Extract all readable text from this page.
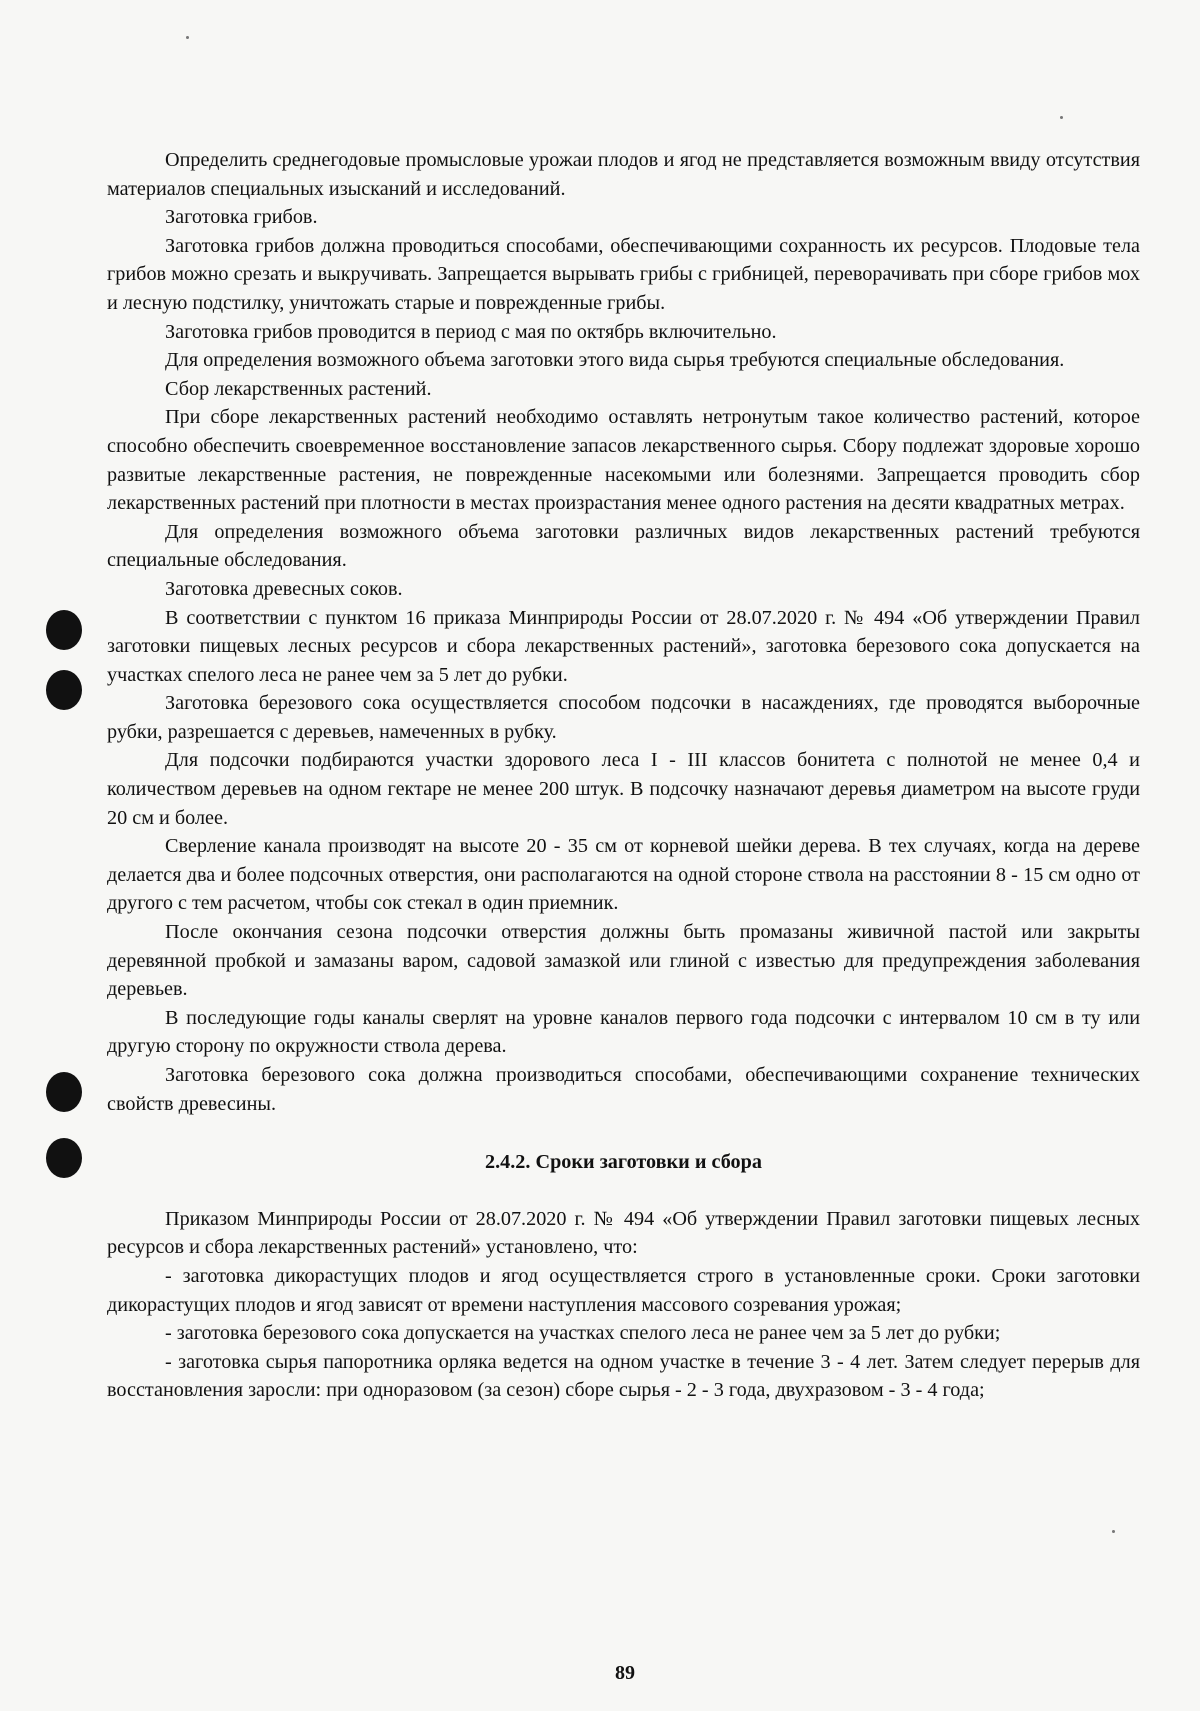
Определить среднегодовые промысловые урожаи плодов и ягод не представляется возможным ввиду отсутствия материалов специальных изысканий и исследований.

Заготовка грибов.

Заготовка грибов должна проводиться способами, обеспечивающими сохранность их ресурсов. Плодовые тела грибов можно срезать и выкручивать. Запрещается вырывать грибы с грибницей, переворачивать при сборе грибов мох и лесную подстилку, уничтожать старые и поврежденные грибы.

Заготовка грибов проводится в период с мая по октябрь включительно.

Для определения возможного объема заготовки этого вида сырья требуются специальные обследования.

Сбор лекарственных растений.

При сборе лекарственных растений необходимо оставлять нетронутым такое количество растений, которое способно обеспечить своевременное восстановление запасов лекарственного сырья. Сбору подлежат здоровые хорошо развитые лекарственные растения, не поврежденные насекомыми или болезнями. Запрещается проводить сбор лекарственных растений при плотности в местах произрастания менее одного растения на десяти квадратных метрах.

Для определения возможного объема заготовки различных видов лекарственных растений требуются специальные обследования.

Заготовка древесных соков.

В соответствии с пунктом 16 приказа Минприроды России от 28.07.2020 г. № 494 «Об утверждении Правил заготовки пищевых лесных ресурсов и сбора лекарственных растений», заготовка березового сока допускается на участках спелого леса не ранее чем за 5 лет до рубки.

Заготовка березового сока осуществляется способом подсочки в насаждениях, где проводятся выборочные рубки, разрешается с деревьев, намеченных в рубку.

Для подсочки подбираются участки здорового леса I - III классов бонитета с полнотой не менее 0,4 и количеством деревьев на одном гектаре не менее 200 штук. В подсочку назначают деревья диаметром на высоте груди 20 см и более.

Сверление канала производят на высоте 20 - 35 см от корневой шейки дерева. В тех случаях, когда на дереве делается два и более подсочных отверстия, они располагаются на одной стороне ствола на расстоянии 8 - 15 см одно от другого с тем расчетом, чтобы сок стекал в один приемник.

После окончания сезона подсочки отверстия должны быть промазаны живичной пастой или закрыты деревянной пробкой и замазаны варом, садовой замазкой или глиной с известью для предупреждения заболевания деревьев.

В последующие годы каналы сверлят на уровне каналов первого года подсочки с интервалом 10 см в ту или другую сторону по окружности ствола дерева.

Заготовка березового сока должна производиться способами, обеспечивающими сохранение технических свойств древесины.

2.4.2. Сроки заготовки и сбора

Приказом Минприроды России от 28.07.2020 г. № 494 «Об утверждении Правил заготовки пищевых лесных ресурсов и сбора лекарственных растений» установлено, что:

- заготовка дикорастущих плодов и ягод осуществляется строго в установленные сроки. Сроки заготовки дикорастущих плодов и ягод зависят от времени наступления массового созревания урожая;

- заготовка березового сока допускается на участках спелого леса не ранее чем за 5 лет до рубки;

- заготовка сырья папоротника орляка ведется на одном участке в течение 3 - 4 лет. Затем следует перерыв для восстановления заросли: при одноразовом (за сезон) сборе сырья - 2 - 3 года, двухразовом - 3 - 4 года;

89
